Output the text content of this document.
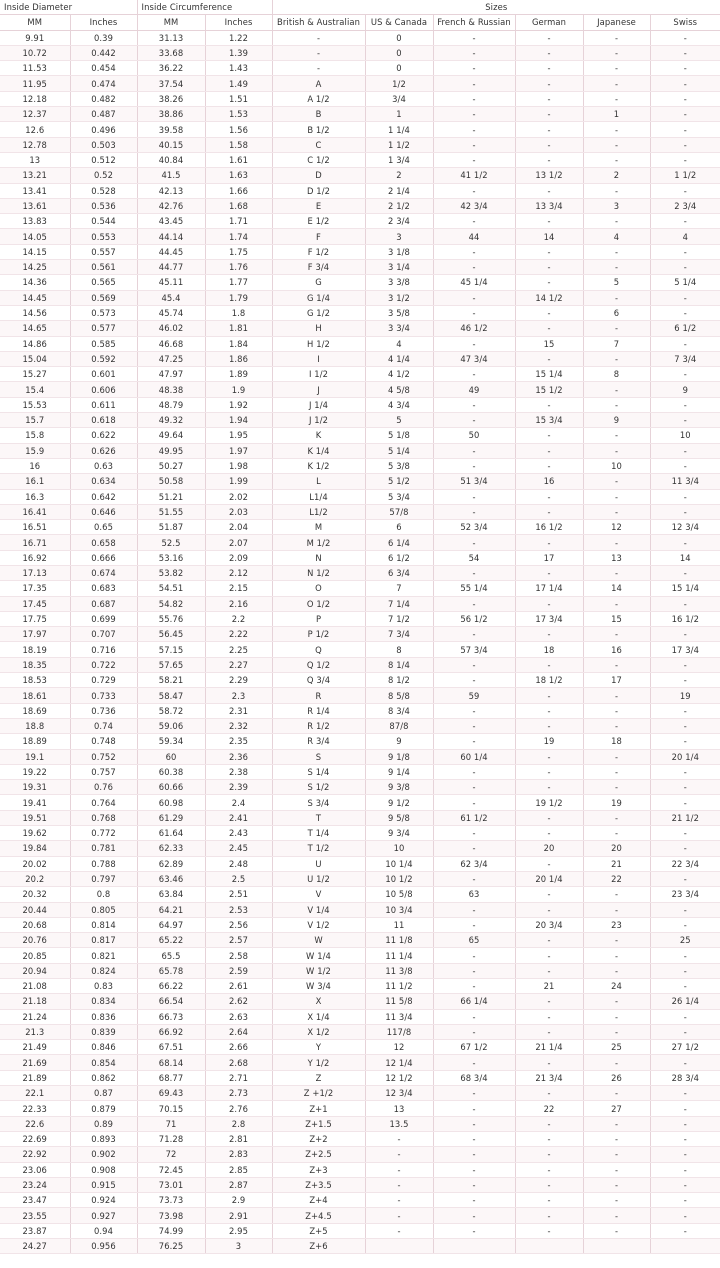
Inside Diameter		Inside Circumference		Sizes					
MM	Inches	MM	Inches	British & Australian	US & Canada	French & Russian	German	Japanese	Swiss
9.91	0.39	31.13	1.22	-	0	-	-	-	-
10.72	0.442	33.68	1.39	-	0	-	-	-	-
11.53	0.454	36.22	1.43	-	0	-	-	-	-
11.95	0.474	37.54	1.49	A	1/2	-	-	-	-
12.18	0.482	38.26	1.51	A 1/2	3/4	-	-	-	-
12.37	0.487	38.86	1.53	B	1	-	-	1	-
12.6	0.496	39.58	1.56	B 1/2	1 1/4	-	-	-	-
12.78	0.503	40.15	1.58	C	1 1/2	-	-	-	-
13	0.512	40.84	1.61	C 1/2	1 3/4	-	-	-	-
13.21	0.52	41.5	1.63	D	2	41 1/2	13 1/2	2	1 1/2
13.41	0.528	42.13	1.66	D 1/2	2 1/4	-	-	-	-
13.61	0.536	42.76	1.68	E	2 1/2	42 3/4	13 3/4	3	2 3/4
13.83	0.544	43.45	1.71	E 1/2	2 3/4	-	-	-	-
14.05	0.553	44.14	1.74	F	3	44	14	4	4
14.15	0.557	44.45	1.75	F 1/2	3 1/8	-	-	-	-
14.25	0.561	44.77	1.76	F 3/4	3 1/4	-	-	-	-
14.36	0.565	45.11	1.77	G	3 3/8	45 1/4	-	5	5 1/4
14.45	0.569	45.4	1.79	G 1/4	3 1/2	-	14 1/2	-	-
14.56	0.573	45.74	1.8	G 1/2	3 5/8	-	-	6	-
14.65	0.577	46.02	1.81	H	3 3/4	46 1/2	-	-	6 1/2
14.86	0.585	46.68	1.84	H 1/2	4	-	15	7	-
15.04	0.592	47.25	1.86	I	4 1/4	47 3/4	-	-	7 3/4
15.27	0.601	47.97	1.89	I 1/2	4 1/2	-	15 1/4	8	-
15.4	0.606	48.38	1.9	J	4 5/8	49	15 1/2	-	9
15.53	0.611	48.79	1.92	J 1/4	4 3/4	-	-	-	-
15.7	0.618	49.32	1.94	J 1/2	5	-	15 3/4	9	-
15.8	0.622	49.64	1.95	K	5 1/8	50	-	-	10
15.9	0.626	49.95	1.97	K 1/4	5 1/4	-	-	-	-
16	0.63	50.27	1.98	K 1/2	5 3/8	-	-	10	-
16.1	0.634	50.58	1.99	L	5 1/2	51 3/4	16	-	11 3/4
16.3	0.642	51.21	2.02	L1/4	5 3/4	-	-	-	-
16.41	0.646	51.55	2.03	L1/2	57/8	-	-	-	-
16.51	0.65	51.87	2.04	M	6	52 3/4	16 1/2	12	12 3/4
16.71	0.658	52.5	2.07	M 1/2	6 1/4	-	-	-	-
16.92	0.666	53.16	2.09	N	6 1/2	54	17	13	14
17.13	0.674	53.82	2.12	N 1/2	6 3/4	-	-	-	-
17.35	0.683	54.51	2.15	O	7	55 1/4	17 1/4	14	15 1/4
17.45	0.687	54.82	2.16	O 1/2	7 1/4	-	-	-	-
17.75	0.699	55.76	2.2	P	7 1/2	56 1/2	17 3/4	15	16 1/2
17.97	0.707	56.45	2.22	P 1/2	7 3/4	-	-	-	-
18.19	0.716	57.15	2.25	Q	8	57 3/4	18	16	17 3/4
18.35	0.722	57.65	2.27	Q 1/2	8 1/4	-	-	-	-
18.53	0.729	58.21	2.29	Q 3/4	8 1/2	-	18 1/2	17	-
18.61	0.733	58.47	2.3	R	8 5/8	59	-	-	19
18.69	0.736	58.72	2.31	R 1/4	8 3/4	-	-	-	-
18.8	0.74	59.06	2.32	R 1/2	87/8	-	-	-	-
18.89	0.748	59.34	2.35	R 3/4	9	-	19	18	-
19.1	0.752	60	2.36	S	9 1/8	60 1/4	-	-	20 1/4
19.22	0.757	60.38	2.38	S 1/4	9 1/4	-	-	-	-
19.31	0.76	60.66	2.39	S 1/2	9 3/8	-	-	-	-
19.41	0.764	60.98	2.4	S 3/4	9 1/2	-	19 1/2	19	-
19.51	0.768	61.29	2.41	T	9 5/8	61 1/2	-	-	21 1/2
19.62	0.772	61.64	2.43	T 1/4	9 3/4	-	-	-	-
19.84	0.781	62.33	2.45	T 1/2	10	-	20	20	-
20.02	0.788	62.89	2.48	U	10 1/4	62 3/4	-	21	22 3/4
20.2	0.797	63.46	2.5	U 1/2	10 1/2	-	20 1/4	22	-
20.32	0.8	63.84	2.51	V	10 5/8	63	-	-	23 3/4
20.44	0.805	64.21	2.53	V 1/4	10 3/4	-	-	-	-
20.68	0.814	64.97	2.56	V 1/2	11	-	20 3/4	23	-
20.76	0.817	65.22	2.57	W	11 1/8	65	-	-	25
20.85	0.821	65.5	2.58	W 1/4	11 1/4	-	-	-	-
20.94	0.824	65.78	2.59	W 1/2	11 3/8	-	-	-	-
21.08	0.83	66.22	2.61	W 3/4	11 1/2	-	21	24	-
21.18	0.834	66.54	2.62	X	11 5/8	66 1/4	-	-	26 1/4
21.24	0.836	66.73	2.63	X 1/4	11 3/4	-	-	-	-
21.3	0.839	66.92	2.64	X 1/2	117/8	-	-	-	-
21.49	0.846	67.51	2.66	Y	12	67 1/2	21 1/4	25	27 1/2
21.69	0.854	68.14	2.68	Y 1/2	12 1/4	-	-	-	-
21.89	0.862	68.77	2.71	Z	12 1/2	68 3/4	21 3/4	26	28 3/4
22.1	0.87	69.43	2.73	Z +1/2	12 3/4	-	-	-	-
22.33	0.879	70.15	2.76	Z+1	13	-	22	27	-
22.6	0.89	71	2.8	Z+1.5	13.5	-	-	-	-
22.69	0.893	71.28	2.81	Z+2	-	-	-	-	-
22.92	0.902	72	2.83	Z+2.5	-	-	-	-	-
23.06	0.908	72.45	2.85	Z+3	-	-	-	-	-
23.24	0.915	73.01	2.87	Z+3.5	-	-	-	-	-
23.47	0.924	73.73	2.9	Z+4	-	-	-	-	-
23.55	0.927	73.98	2.91	Z+4.5	-	-	-	-	-
23.87	0.94	74.99	2.95	Z+5	-	-	-	-	-
24.27	0.956	76.25	3	Z+6					
